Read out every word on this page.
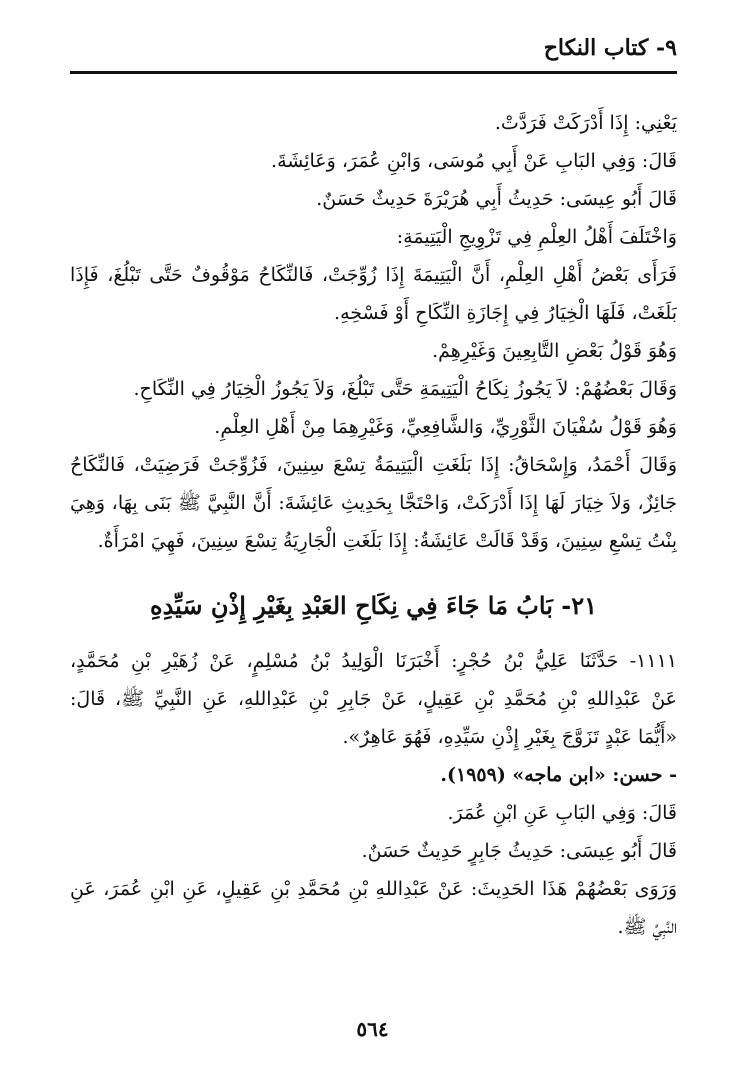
٩- كتاب النكاح
يَعْنِي: إِذَا أَدْرَكَتْ فَرَدَّتْ.
قَالَ: وَفِي البَابِ عَنْ أَبِي مُوسَى، وَابْنِ عُمَرَ، وَعَائِشَةَ.
قَالَ أَبُو عِيسَى: حَدِيثُ أَبِي هُرَيْرَةَ حَدِيثٌ حَسَنٌ.
وَاخْتَلَفَ أَهْلُ العِلْمِ فِي تَزْوِيجِ الْيَتِيمَةِ:
فَرَأَى بَعْضُ أَهْلِ العِلْمِ، أَنَّ الْيَتِيمَةَ إِذَا زُوِّجَتْ، فَالنِّكَاحُ مَوْقُوفٌ حَتَّى تَبْلُغَ، فَإِذَا
بَلَغَتْ، فَلَهَا الْخِيَارُ فِي إِجَازَةِ النِّكَاحِ أَوْ فَسْخِهِ.
وَهُوَ قَوْلُ بَعْضِ التَّابِعِينَ وَغَيْرِهِمْ.
وَقَالَ بَعْضُهُمْ: لاَ يَجُوزُ نِكَاحُ الْيَتِيمَةِ حَتَّى تَبْلُغَ، وَلاَ يَجُوزُ الْخِيَارُ فِي النِّكَاحِ.
وَهُوَ قَوْلُ سُفْيَانَ الثَّوْرِيِّ، وَالشَّافِعِيِّ، وَغَيْرِهِمَا مِنْ أَهْلِ العِلْمِ.
وَقَالَ أَحْمَدُ، وَإِسْحَاقُ: إِذَا بَلَغَتِ الْيَتِيمَةُ تِسْعَ سِنِينَ، فَزُوِّجَتْ فَرَضِيَتْ، فَالنِّكَاحُ
جَائِزٌ، وَلاَ خِيَارَ لَهَا إِذَا أَدْرَكَتْ، وَاحْتَجَّا بِحَدِيثِ عَائِشَةَ: أَنَّ النَّبِيَّ ﷺ بَنَى بِهَا، وَهِيَ
بِنْتُ تِسْعِ سِنِينَ، وَقَدْ قَالَتْ عَائِشَةُ: إِذَا بَلَغَتِ الْجَارِيَةُ تِسْعَ سِنِينَ، فَهِيَ امْرَأَةٌ.
٢١- بَابُ مَا جَاءَ فِي نِكَاحِ العَبْدِ بِغَيْرِ إِذْنِ سَيِّدِهِ
١١١١- حَدَّثَنَا عَلِيُّ بْنُ حُجْرٍ: أَخْبَرَنَا الْوَلِيدُ بْنُ مُسْلِمٍ، عَنْ زُهَيْرِ بْنِ مُحَمَّدٍ،
عَنْ عَبْدِاللهِ بْنِ مُحَمَّدِ بْنِ عَقِيلٍ، عَنْ جَابِرِ بْنِ عَبْدِاللهِ، عَنِ النَّبِيِّ ﷺ، قَالَ:
«أَيُّمَا عَبْدٍ تَزَوَّجَ بِغَيْرِ إِذْنِ سَيِّدِهِ، فَهُوَ عَاهِرٌ».
- حسن: «ابن ماجه» (١٩٥٩).
قَالَ: وَفِي البَابِ عَنِ ابْنِ عُمَرَ.
قَالَ أَبُو عِيسَى: حَدِيثُ جَابِرٍ حَدِيثٌ حَسَنٌ.
وَرَوَى بَعْضُهُمْ هَذَا الحَدِيثَ: عَنْ عَبْدِاللهِ بْنِ مُحَمَّدِ بْنِ عَقِيلٍ، عَنِ ابْنِ عُمَرَ، عَنِ
النَّبِيِّ ﷺ.
٥٦٤
